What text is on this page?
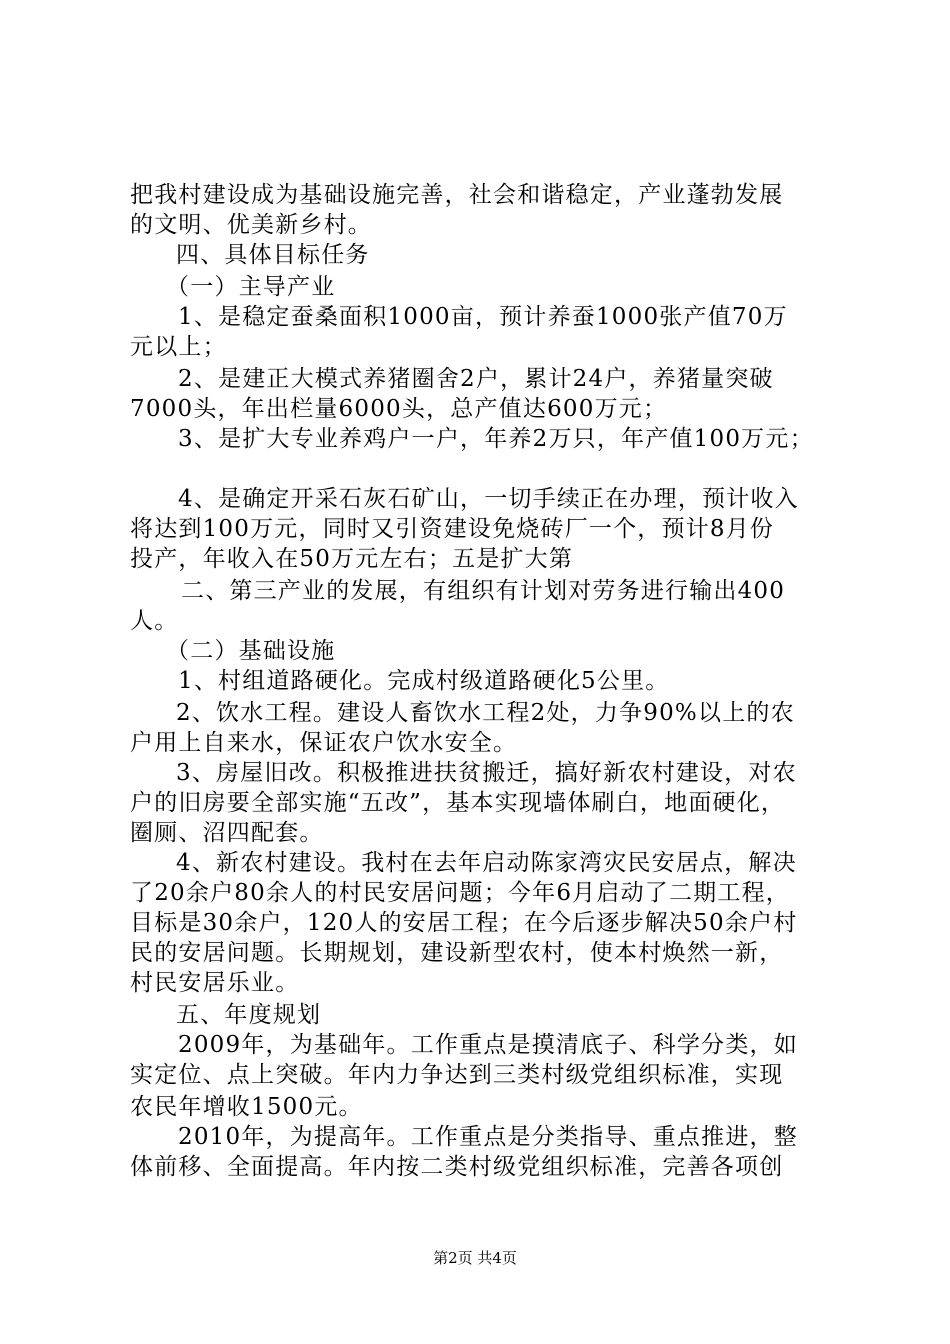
把我村建设成为基础设施完善，社会和谐稳定，产业蓬勃发展
的文明、优美新乡村。
四、具体目标任务
（一）主导产业
1、是稳定蚕桑面积1000亩，预计养蚕1000张产值70万
元以上；
2、是建正大模式养猪圈舍2户，累计24户，养猪量突破
7000头，年出栏量6000头，总产值达600万元；
3、是扩大专业养鸡户一户，年养2万只，年产值100万元；
4、是确定开采石灰石矿山，一切手续正在办理，预计收入
将达到100万元，同时又引资建设免烧砖厂一个，预计8月份
投产，年收入在50万元左右；五是扩大第
二、第三产业的发展，有组织有计划对劳务进行输出400
人。
（二）基础设施
1、村组道路硬化。完成村级道路硬化5公里。
2、饮水工程。建设人畜饮水工程2处，力争90%以上的农
户用上自来水，保证农户饮水安全。
3、房屋旧改。积极推进扶贫搬迁，搞好新农村建设，对农
户的旧房要全部实施“五改”，基本实现墙体刷白，地面硬化，
圈厕、沼四配套。
4、新农村建设。我村在去年启动陈家湾灾民安居点，解决
了20余户80余人的村民安居问题；今年6月启动了二期工程，
目标是30余户，120人的安居工程；在今后逐步解决50余户村
民的安居问题。长期规划，建设新型农村，使本村焕然一新，
村民安居乐业。
五、年度规划
2009年，为基础年。工作重点是摸清底子、科学分类，如
实定位、点上突破。年内力争达到三类村级党组织标准，实现
农民年增收1500元。
2010年，为提高年。工作重点是分类指导、重点推进，整
体前移、全面提高。年内按二类村级党组织标准，完善各项创
第2页 共4页
